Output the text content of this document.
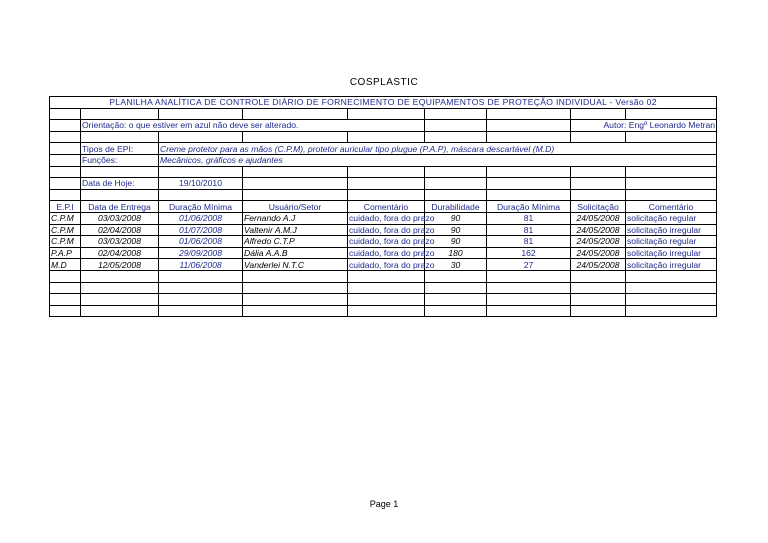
COSPLASTIC
PLANILHA ANALÍTICA DE CONTROLE DIÁRIO DE FORNECIMENTO DE EQUIPAMENTOS DE PROTEÇÃO INDIVIDUAL - Versão 02								

	Orientação: o que estiver em azul não deve ser alterado.						Autor: Engº Leonardo Metran	

	Tipos de EPI:	Creme protetor para as mãos (C.P.M), protetor auricular tipo plugue (P.A.P), máscara descartável (M.D)						
	Funções:	Mecânicos, gráficos e ajudantes						

	Data de Hoje:	19/10/2010						

E.P.I	Data de Entrega	Duração Mínima	Usuário/Setor	Comentário	Durabilidade	Duração Mínima	Solicitação	Comentário
C.P.M	03/03/2008	01/06/2008	Fernando A.J	cuidado, fora do prazo	90	81	24/05/2008	solicitação regular
C.P.M	02/04/2008	01/07/2008	Valtenir A.M.J	cuidado, fora do prazo	90	81	24/05/2008	solicitação irregular
C.P.M	03/03/2008	01/06/2008	Alfredo C.T.P	cuidado, fora do prazo	90	81	24/05/2008	solicitação regular
P.A.P	02/04/2008	29/09/2008	Dália A.A.B	cuidado, fora do prazo	180	162	24/05/2008	solicitação irregular
M.D	12/05/2008	11/06/2008	Vanderlei N.T.C	cuidado, fora do prazo	30	27	24/05/2008	solicitação irregular

Page 1
